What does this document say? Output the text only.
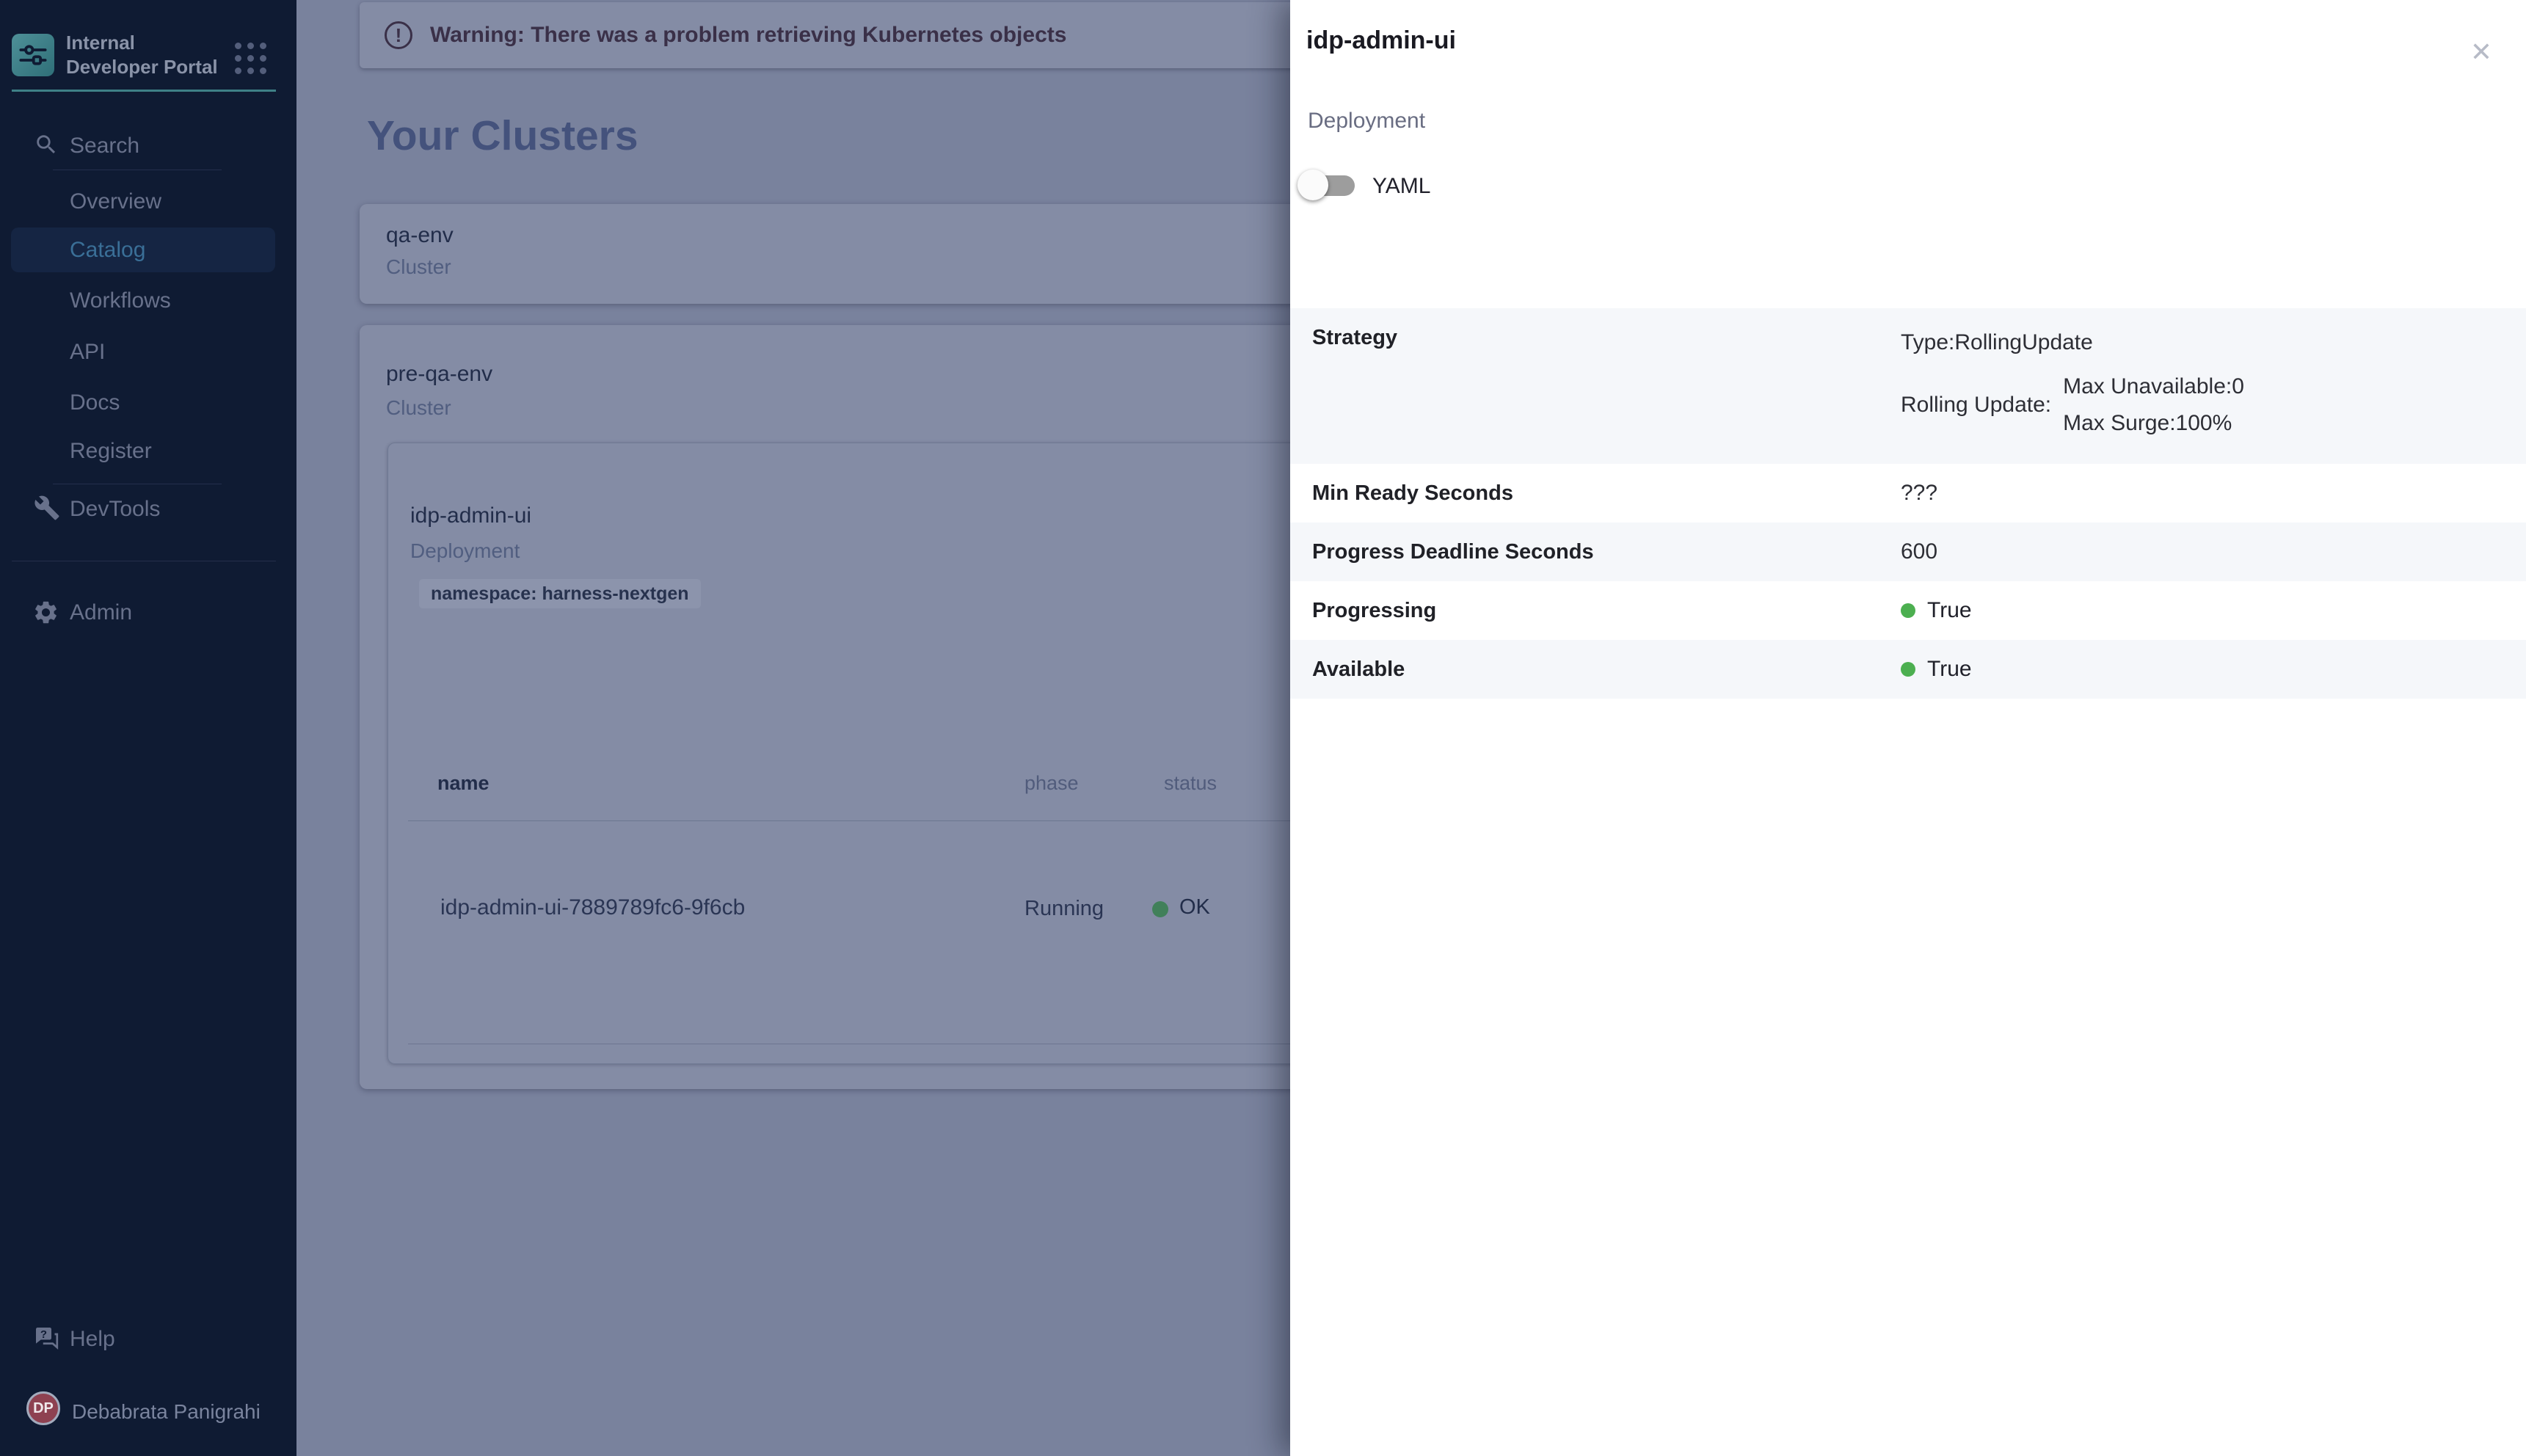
! Warning: There was a problem retrieving Kubernetes objects
Your Clusters
qa-env
Cluster
pre-qa-env
Cluster
idp-admin-ui
Deployment
namespace: harness-nextgen
name	phase	status
idp-admin-ui-7889789fc6-9f6cb	Running	OK
Internal Developer Portal
Search
Overview
Catalog
Workflows
API
Docs
Register
DevTools
Admin
? Help
DP Debabrata Panigrahi
idp-admin-ui	✕
Deployment
YAML
Strategy	Type:RollingUpdate
Rolling Update:
Max Unavailable:0
Max Surge:100%
Min Ready Seconds	???
Progress Deadline Seconds	600
Progressing	True
Available	True
